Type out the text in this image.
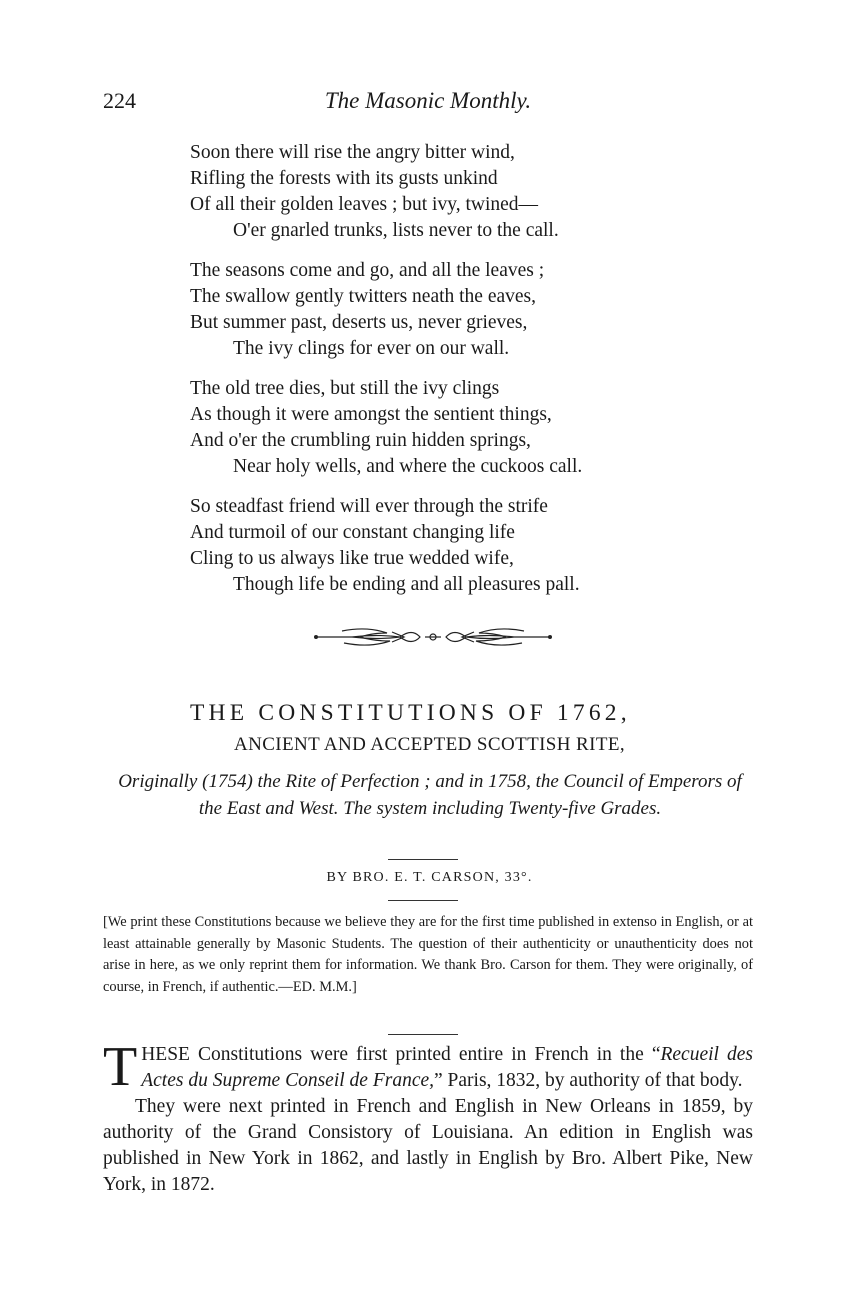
224	The Masonic Monthly.
Soon there will rise the angry bitter wind,
Rifling the forests with its gusts unkind
Of all their golden leaves ; but ivy, twined—
O'er gnarled trunks, lists never to the call.
The seasons come and go, and all the leaves ;
The swallow gently twitters neath the eaves,
But summer past, deserts us, never grieves,
The ivy clings for ever on our wall.
The old tree dies, but still the ivy clings
As though it were amongst the sentient things,
And o'er the crumbling ruin hidden springs,
Near holy wells, and where the cuckoos call.
So steadfast friend will ever through the strife
And turmoil of our constant changing life
Cling to us always like true wedded wife,
Though life be ending and all pleasures pall.
THE CONSTITUTIONS OF 1762,
ANCIENT AND ACCEPTED SCOTTISH RITE,
Originally (1754) the Rite of Perfection ; and in 1758, the Council of Emperors of the East and West. The system including Twenty-five Grades.
BY BRO. E. T. CARSON, 33°.
[We print these Constitutions because we believe they are for the first time published in extenso in English, or at least attainable generally by Masonic Students. The question of their authenticity or unauthenticity does not arise in here, as we only reprint them for information. We thank Bro. Carson for them. They were originally, of course, in French, if authentic.—ED. M.M.]

THESE Constitutions were first printed entire in French in the “Recueil des Actes du Supreme Conseil de France,” Paris, 1832, by authority of that body.

They were next printed in French and English in New Orleans in 1859, by authority of the Grand Consistory of Louisiana. An edition in English was published in New York in 1862, and lastly in English by Bro. Albert Pike, New York, in 1872.
